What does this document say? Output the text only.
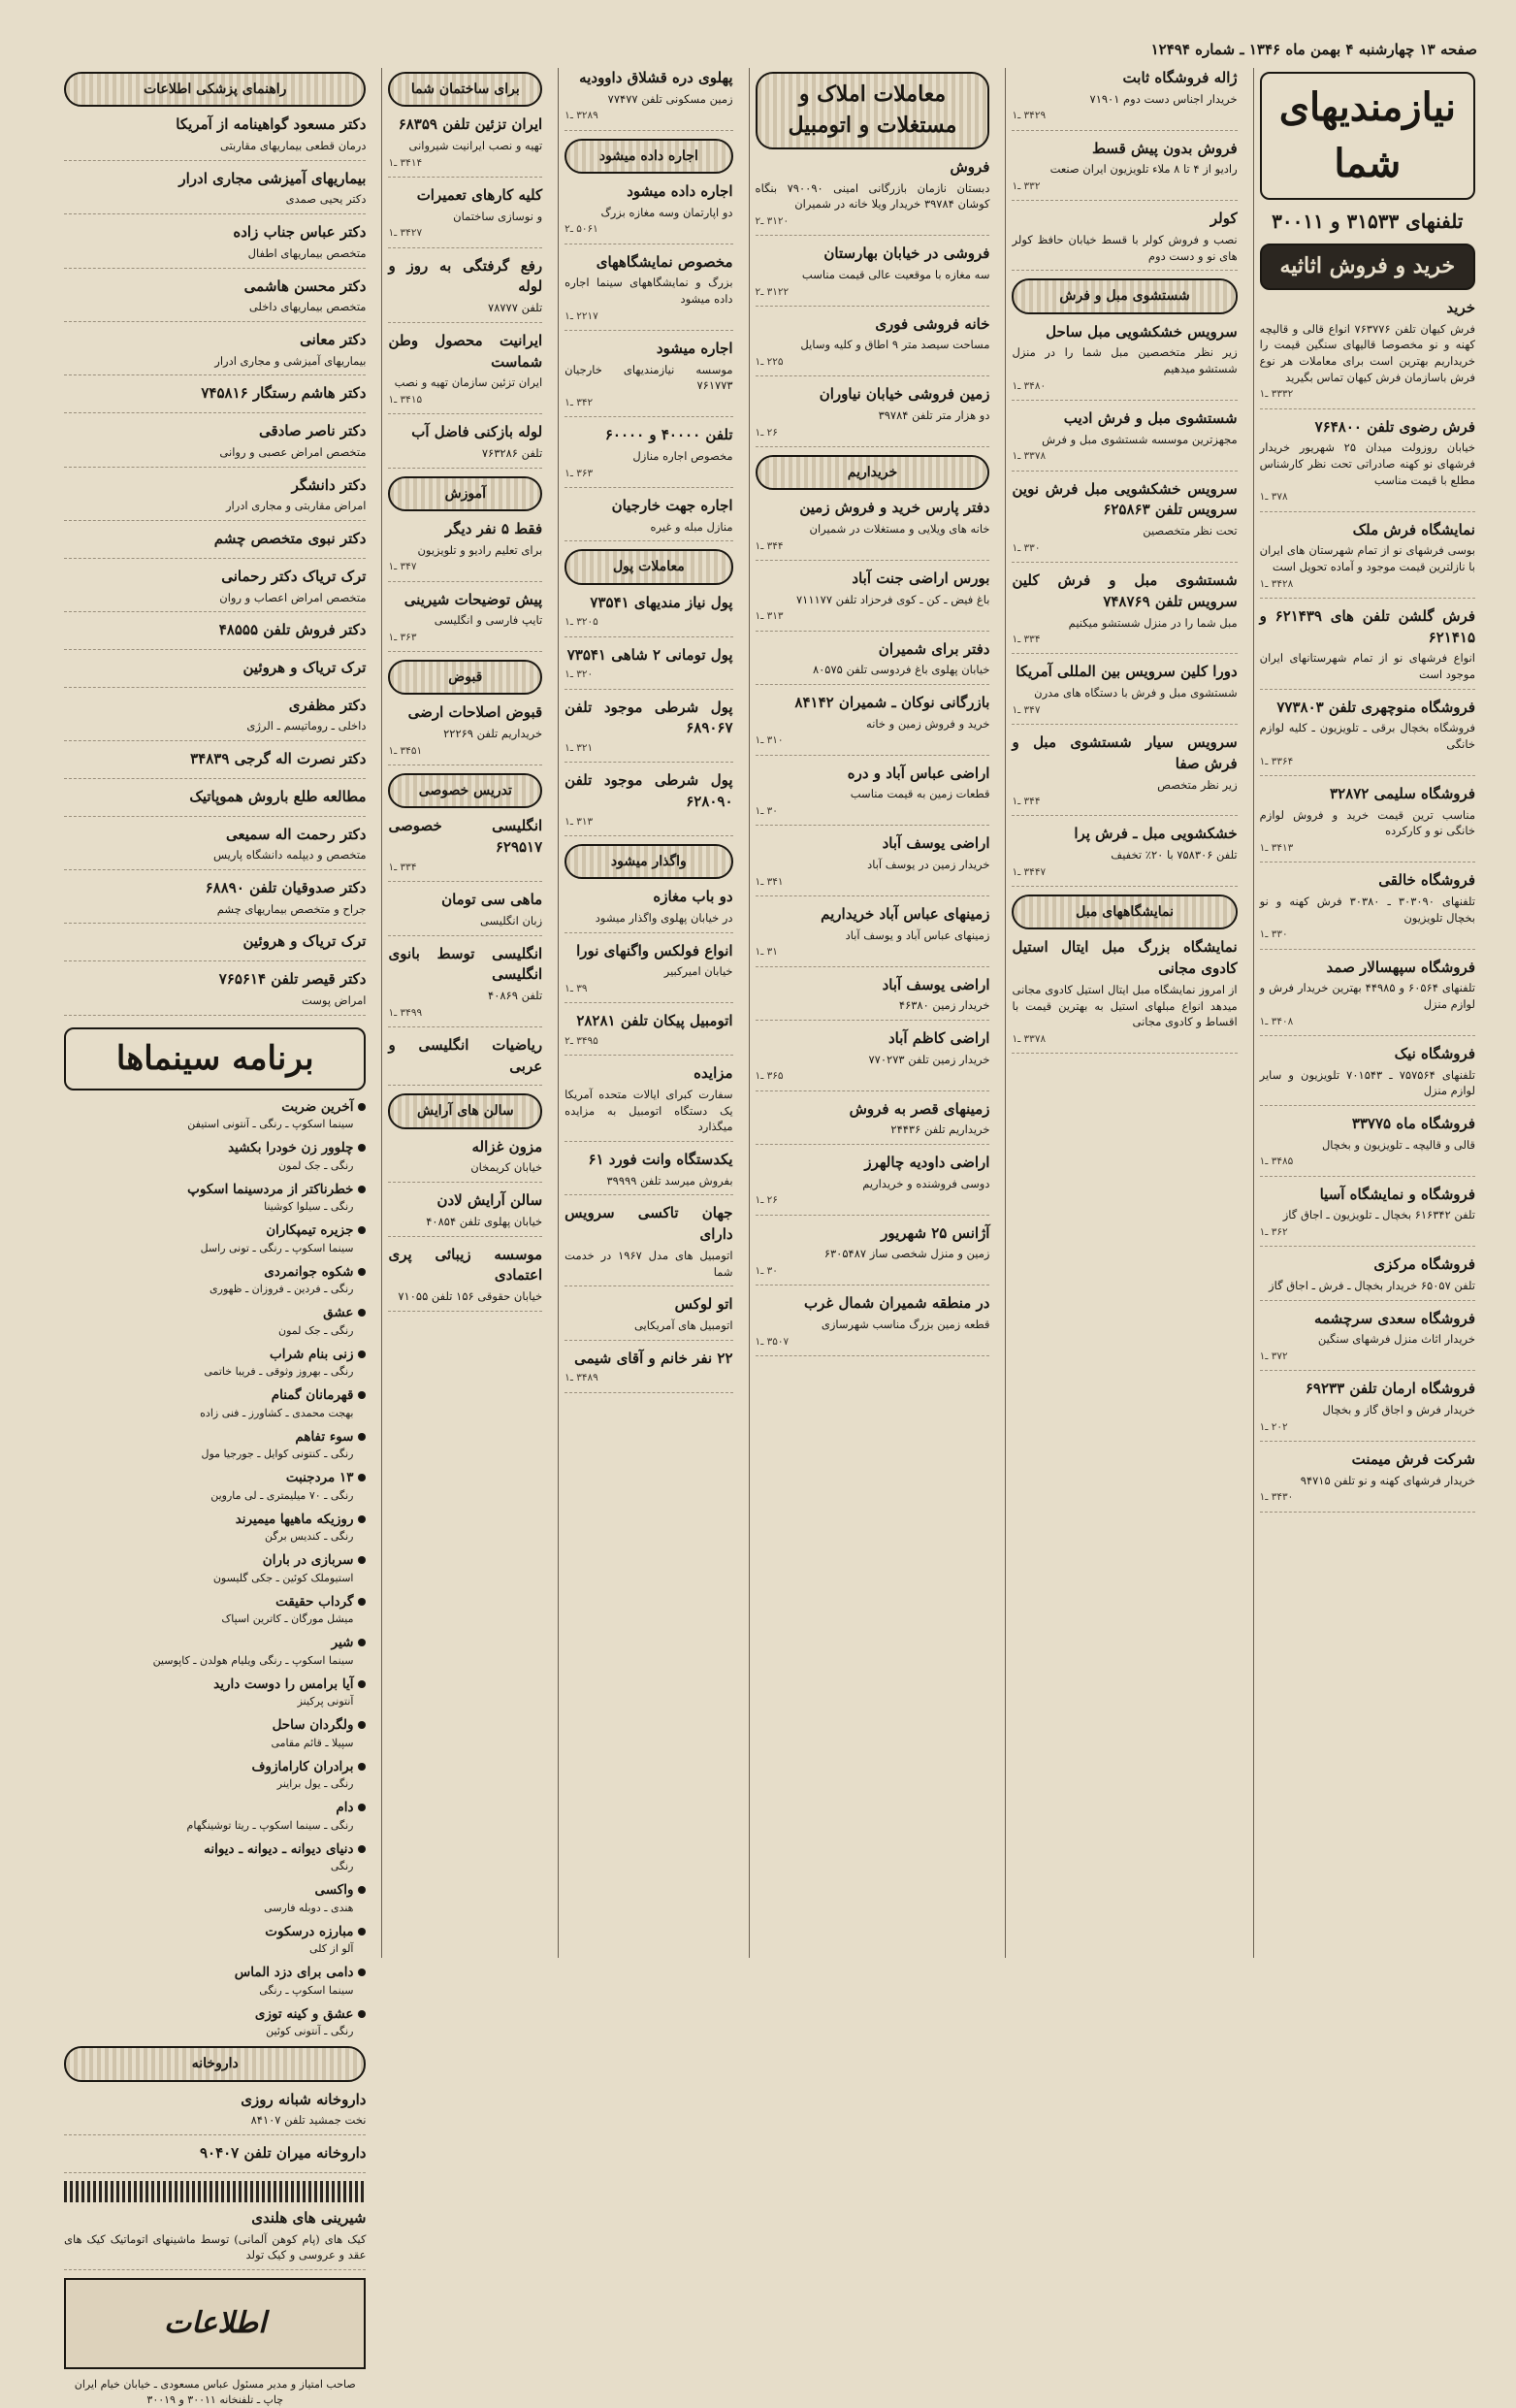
صفحه ۱۳ چهارشنبه ۴ بهمن ماه ۱۳۴۶ ـ شماره ۱۲۴۹۴
نیازمندیهای شما
تلفنهای ۳۱۵۳۳ و ۳۰۰۱۱
خرید و فروش اثاثیه
خرید

فرش کیهان تلفن ۷۶۳۷۷۶ انواع قالی و قالیچه کهنه و نو مخصوصا قالیهای سنگین قیمت را خریداریم بهترین است برای معاملات هر نوع فرش باسازمان فرش کیهان تماس بگیرید

۳۳۳۲ ـ۱
فرش رضوی تلفن ۷۶۴۸۰۰

خیابان روزولت میدان ۲۵ شهریور خریدار فرشهای نو کهنه صادراتی تحت نظر کارشناس مطلع با قیمت مناسب

۳۷۸ ـ۱
نمایشگاه فرش ملک

بوسی فرشهای نو از تمام شهرستان های ایران با نازلترین قیمت موجود و آماده تحویل است

۳۴۲۸ ـ۱
فرش گلشن تلفن های ۶۲۱۴۳۹ و ۶۲۱۴۱۵

انواع فرشهای نو از تمام شهرستانهای ایران موجود است

فروشگاه منوچهری تلفن ۷۷۳۸۰۳

فروشگاه بخچال برقی ـ تلویزیون ـ کلیه لوازم خانگی

۳۳۶۴ ـ۱
فروشگاه سلیمی ۳۲۸۷۲

مناسب ترین قیمت خرید و فروش لوازم خانگی نو و کارکرده

۳۴۱۳ ـ۱
فروشگاه خالقی

تلفنهای ۳۰۳۰۹۰ ـ ۳۰۳۸۰ فرش کهنه و نو بخچال تلویزیون

۳۳۰ ـ۱
فروشگاه سپهسالار صمد

تلفنهای ۶۰۵۶۴ و ۴۴۹۸۵ بهترین خریدار فرش و لوازم منزل

۳۴۰۸ ـ۱
فروشگاه نیک

تلفنهای ۷۵۷۵۶۴ ـ ۷۰۱۵۴۳ تلویزیون و سایر لوازم منزل

فروشگاه ماه ۳۳۷۷۵

قالی و قالیچه ـ تلویزیون و بخچال

۳۴۸۵ ـ۱
فروشگاه و نمایشگاه آسیا

تلفن ۶۱۶۳۴۲ بخچال ـ تلویزیون ـ اجاق گاز

۳۶۲ ـ۱
فروشگاه مرکزی

تلفن ۶۵۰۵۷ خریدار بخچال ـ فرش ـ اجاق گاز

فروشگاه سعدی سرچشمه

خریدار اثاث منزل فرشهای سنگین

۳۷۲ ـ۱
فروشگاه ارمان تلفن ۶۹۲۳۳

خریدار فرش و اجاق گاز و بخچال

۲۰۲ ـ۱
شرکت فرش میمنت

خریدار فرشهای کهنه و نو تلفن ۹۴۷۱۵

۳۴۳۰ ـ۱
ژاله فروشگاه ثابت

خریدار اجناس دست دوم ۷۱۹۰۱

۳۴۲۹ ـ۱
فروش بدون پیش قسط

رادیو از ۴ تا ۸ ملاء تلویزیون ایران صنعت

۳۳۲ ـ۱
کولر

نصب و فروش کولر با قسط خیابان حافظ کولر های نو و دست دوم

شستشوی مبل و فرش
سرویس خشکشویی مبل ساحل

زیر نظر متخصصین مبل شما را در منزل شستشو میدهیم

۳۴۸۰ ـ۱
شستشوی مبل و فرش ادیب

مجهزترین موسسه شستشوی مبل و فرش

۳۳۷۸ ـ۱
سرویس خشکشویی مبل فرش نوین سرویس تلفن ۶۲۵۸۶۳

تحت نظر متخصصین

۳۳۰ ـ۱
شستشوی مبل و فرش کلین سرویس تلفن ۷۴۸۷۶۹

مبل شما را در منزل شستشو میکنیم

۳۳۴ ـ۱
دورا کلین سرویس بین المللی آمریکا

شستشوی مبل و فرش با دستگاه های مدرن

۳۴۷ ـ۱
سرویس سیار شستشوی مبل و فرش صفا

زیر نظر متخصص

۳۴۴ ـ۱
خشکشویی مبل ـ فرش پرا

تلفن ۷۵۸۳۰۶ با ۲۰٪ تخفیف

۳۴۴۷ ـ۱
نمایشگاههای مبل
نمایشگاه بزرگ مبل ایتال استیل کادوی مجانی

از امروز نمایشگاه مبل ایتال استیل کادوی مجانی میدهد انواع مبلهای استیل به بهترین قیمت با اقساط و کادوی مجانی

۳۳۷۸ ـ۱
معاملات املاک و مستغلات و اتومبیل
فروش

دبستان نازمان بازرگانی امینی ۷۹۰۰۹۰ بنگاه کوشان ۳۹۷۸۴ خریدار ویلا خانه در شمیران

۳۱۲۰ ـ۲
فروشی در خیابان بهارستان

سه مغازه با موقعیت عالی قیمت مناسب

۳۱۲۲ ـ۲
خانه فروشی فوری

مساحت سیصد متر ۹ اطاق و کلیه وسایل

۲۲۵ ـ۱
زمین فروشی خیابان نیاوران

دو هزار متر تلفن ۳۹۷۸۴

۲۶ ـ۱
خریداریم
دفتر پارس خرید و فروش زمین

خانه های ویلایی و مستغلات در شمیران

۳۴۴ ـ۱
بورس اراضی جنت آباد

باغ فیض ـ کن ـ کوی فرحزاد تلفن ۷۱۱۱۷۷

۳۱۳ ـ۱
دفتر برای شمیران

خیابان پهلوی باغ فردوسی تلفن ۸۰۵۷۵

بازرگانی نوکان ـ شمیران ۸۴۱۴۲

خرید و فروش زمین و خانه

۳۱۰ ـ۱
اراضی عباس آباد و دره

قطعات زمین به قیمت مناسب

۳۰ ـ۱
اراضی یوسف آباد

خریدار زمین در یوسف آباد

۳۴۱ ـ۱
زمینهای عباس آباد خریداریم

زمینهای عباس آباد و یوسف آباد

۳۱ ـ۱
اراضی یوسف آباد

خریدار زمین ۴۶۳۸۰

اراضی کاظم آباد

خریدار زمین تلفن ۷۷۰۲۷۳

۳۶۵ ـ۱
زمینهای قصر به فروش

خریداریم تلفن ۲۴۴۳۶

اراضی داودیه چالهرز

دوسی فروشنده و خریداریم

۲۶ ـ۱
آژانس ۲۵ شهریور

زمین و منزل شخصی ساز ۶۳۰۵۴۸۷

۳۰ ـ۱
در منطقه شمیران شمال غرب

قطعه زمین بزرگ مناسب شهرسازی

۳۵۰۷ ـ۱
پهلوی دره قشلاق داوودیه

زمین مسکونی تلفن ۷۷۴۷۷

۳۲۸۹ ـ۱
اجاره داده میشود
اجاره داده میشود

دو اپارتمان وسه مغازه بزرگ

۵۰۶۱ ـ۲
مخصوص نمایشگاههای

بزرگ و نمایشگاههای سینما اجاره داده میشود

۲۲۱۷ ـ۱
اجاره میشود

موسسه نیازمندیهای خارجیان ۷۶۱۷۷۳

۳۴۲ ـ۱
تلفن ۴۰۰۰۰ و ۶۰۰۰۰

مخصوص اجاره منازل

۳۶۳ ـ۱
اجاره جهت خارجیان

منازل مبله و غیره

معاملات پول
پول نیاز مندیهای ۷۳۵۴۱
۳۲۰۵ ـ۱
پول تومانی ۲ شاهی ۷۳۵۴۱
۳۲۰ ـ۱
پول شرطی موجود تلفن ۶۸۹۰۶۷
۳۲۱ ـ۱
پول شرطی موجود تلفن ۶۲۸۰۹۰
۳۱۳ ـ۱
واگذار میشود
دو باب مغازه

در خیابان پهلوی واگذار میشود

انواع فولکس واگنهای نورا

خیابان امیرکبیر

۳۹ ـ۱
اتومبیل پیکان تلفن ۲۸۲۸۱
۳۴۹۵ ـ۲
مزایده

سفارت کبرای ایالات متحده آمریکا یک دستگاه اتومبیل به مزایده میگذارد

یکدستگاه وانت فورد ۶۱

بفروش میرسد تلفن ۳۹۹۹۹

جهان تاکسی سرویس دارای

اتومبیل های مدل ۱۹۶۷ در خدمت شما

اتو لوکس

اتومبیل های آمریکایی

۲۲ نفر خانم و آقای شیمی
۳۴۸۹ ـ۱
برای ساختمان شما
ایران تزئین تلفن ۶۸۳۵۹

تهیه و نصب ایرانیت شیروانی

۳۴۱۴ ـ۱
کلیه کارهای تعمیرات

و نوسازی ساختمان

۳۴۲۷ ـ۱
رفع گرفتگی به روز و لوله

تلفن ۷۸۷۷۷

ایرانیت محصول وطن شماست

ایران تزئین سازمان تهیه و نصب

۳۴۱۵ ـ۱
لوله بازکنی فاضل آب

تلفن ۷۶۳۲۸۶

آموزش
فقط ۵ نفر دیگر

برای تعلیم رادیو و تلویزیون

۳۴۷ ـ۱
پیش توضیحات شیرینی

تایپ فارسی و انگلیسی

۳۶۳ ـ۱
قبوض
قبوض اصلاحات ارضی

خریداریم تلفن ۲۲۲۶۹

۳۴۵۱ ـ۱
تدریس خصوصی
انگلیسی خصوصی ۶۲۹۵۱۷
۳۳۴ ـ۱
ماهی سی تومان

زبان انگلیسی

انگلیسی توسط بانوی انگلیسی

تلفن ۴۰۸۶۹

۳۴۹۹ ـ۱
ریاضیات انگلیسی و عربی
سالن های آرایش
مزون غزاله

خیابان کریمخان

سالن آرایش لادن

خیابان پهلوی تلفن ۴۰۸۵۴

موسسه زیبائی پری اعتمادی

خیابان حقوقی ۱۵۶ تلفن ۷۱۰۵۵

راهنمای پزشکی اطلاعات
دکتر مسعود گواهینامه از آمریکا

درمان قطعی بیماریهای مقاربتی

بیماریهای آمیزشی مجاری ادرار

دکتر یحیی صمدی

دکتر عباس جناب زاده

متخصص بیماریهای اطفال

دکتر محسن هاشمی

متخصص بیماریهای داخلی

دکتر معانی

بیماریهای آمیزشی و مجاری ادرار

دکتر هاشم رستگار ۷۴۵۸۱۶
دکتر ناصر صادقی

متخصص امراض عصبی و روانی

دکتر دانشگر

امراض مقاربتی و مجاری ادرار

دکتر نبوی متخصص چشم
ترک تریاک دکتر رحمانی

متخصص امراض اعصاب و روان

دکتر فروش تلفن ۴۸۵۵۵
ترک تریاک و هروئین
دکتر مظفری

داخلی ـ روماتیسم ـ الرژی

دکتر نصرت اله گرجی ۳۴۸۳۹
مطالعه طلع باروش هموپاتیک
دکتر رحمت اله سمیعی

متخصص و دیپلمه دانشگاه پاریس

دکتر صدوقیان تلفن ۶۸۸۹۰

جراح و متخصص بیماریهای چشم

ترک تریاک و هروئین
دکتر قیصر تلفن ۷۶۵۶۱۴

امراض پوست

برنامه سینماها
آخرین ضربت

سینما اسکوپ ـ رنگی ـ آنتونی استیفن

چلوور زن خودرا بکشید

رنگی ـ جک لمون

خطرناکتر از مردسینما اسکوپ

رنگی ـ سیلوا کوشینا

جزیره تیمپکاران

سینما اسکوپ ـ رنگی ـ تونی راسل

شکوه جوانمردی

رنگی ـ فردین ـ فروزان ـ ظهوری

عشق

رنگی ـ جک لمون

زنی بنام شراب

رنگی ـ بهروز وثوقی ـ فریبا خاتمی

قهرمانان گمنام

بهجت محمدی ـ کشاورز ـ فنی زاده

سوء تفاهم

رنگی ـ کنتونی کوایل ـ جورجیا مول

۱۳ مردجنبت

رنگی ـ ۷۰ میلیمتری ـ لی ماروین

روزیکه ماهیها میمیرند

رنگی ـ کندیس برگن

سربازی در باران

استیوملک کوئین ـ جکی گلیسون

گرداب حقیقت

میشل مورگان ـ کاترین اسپاک

شیر

سینما اسکوپ ـ رنگی ویلیام هولدن ـ کاپوسین

آیا برامس را دوست دارید

آنتونی پرکینز

ولگردان ساحل

سپیلا ـ قائم مقامی

برادران کارامازوف

رنگی ـ یول براینر

دام

رنگی ـ سینما اسکوپ ـ ریتا توشینگهام

دنیای دیوانه ـ دیوانه ـ دیوانه

رنگی

واکسی

هندی ـ دوبله فارسی

مبارزه درسکوت

آلو از کلی

دامی برای دزد الماس

سینما اسکوپ ـ رنگی

عشق و کینه توزی

رنگی ـ آنتونی کوئین

داروخانه
داروخانه شبانه روزی

نخت جمشید تلفن ۸۴۱۰۷

داروخانه میران تلفن ۹۰۴۰۷
شیرینی های هلندی

کیک های (پام کوهن آلمانی) توسط ماشینهای اتوماتیک کیک های عقد و عروسی و کیک تولد

اطلاعات
صاحب امتیاز و مدیر مسئول عباس مسعودی ـ خیابان خیام ایران چاپ ـ تلفنخانه ۳۰۰۱۱ و ۳۰۰۱۹
